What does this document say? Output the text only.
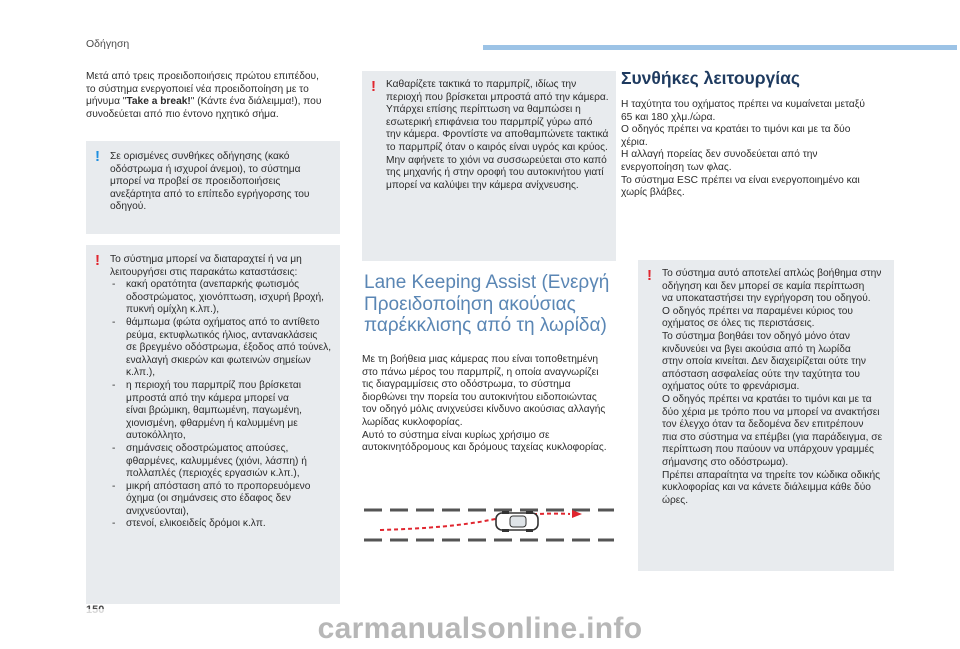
Οδήγηση

Μετά από τρεις προειδοποιήσεις πρώτου επιπέδου,
το σύστημα ενεργοποιεί νέα προειδοποίηση με το
μήνυμα "Take a break!" (Κάντε ένα διάλειμμα!), που
συνοδεύεται από πιο έντονο ηχητικό σήμα.

! Σε ορισμένες συνθήκες οδήγησης (κακό
οδόστρωμα ή ισχυροί άνεμοι), το σύστημα
μπορεί να προβεί σε προειδοποιήσεις
ανεξάρτητα από το επίπεδο εγρήγορσης του
οδηγού.

! Το σύστημα μπορεί να διαταραχτεί ή να μη
λειτουργήσει στις παρακάτω καταστάσεις:

- κακή ορατότητα (ανεπαρκής φωτισμός
οδοστρώματος, χιονόπτωση, ισχυρή βροχή,
πυκνή ομίχλη κ.λπ.),
- θάμπωμα (φώτα οχήματος από το αντίθετο
ρεύμα, εκτυφλωτικός ήλιος, αντανακλάσεις
σε βρεγμένο οδόστρωμα, έξοδος από τούνελ,
εναλλαγή σκιερών και φωτεινών σημείων
κ.λπ.),
- η περιοχή του παρμπρίζ που βρίσκεται
μπροστά από την κάμερα μπορεί να
είναι βρώμικη, θαμπωμένη, παγωμένη,
χιονισμένη, φθαρμένη ή καλυμμένη με
αυτοκόλλητο,
- σημάνσεις οδοστρώματος απούσες,
φθαρμένες, καλυμμένες (χιόνι, λάσπη) ή
πολλαπλές (περιοχές εργασιών κ.λπ.),
- μικρή απόσταση από το προπορευόμενο
όχημα (οι σημάνσεις στο έδαφος δεν
ανιχνεύονται),
- στενοί, ελικοειδείς δρόμοι κ.λπ.
! Καθαρίζετε τακτικά το παρμπρίζ, ιδίως την
περιοχή που βρίσκεται μπροστά από την κάμερα.
Υπάρχει επίσης περίπτωση να θαμπώσει η
εσωτερική επιφάνεια του παρμπρίζ γύρω από
την κάμερα. Φροντίστε να αποθαμπώνετε τακτικά
το παρμπρίζ όταν ο καιρός είναι υγρός και κρύος.
Μην αφήνετε το χιόνι να συσσωρεύεται στο καπό
της μηχανής ή στην οροφή του αυτοκινήτου γιατί
μπορεί να καλύψει την κάμερα ανίχνευσης.

Lane Keeping Assist (Ενεργή Προειδοποίηση ακούσιας παρέκκλισης από τη λωρίδα)

Με τη βοήθεια μιας κάμερας που είναι τοποθετημένη
στο πάνω μέρος του παρμπρίζ, η οποία αναγνωρίζει
τις διαγραμμίσεις στο οδόστρωμα, το σύστημα
διορθώνει την πορεία του αυτοκινήτου ειδοποιώντας
τον οδηγό μόλις ανιχνεύσει κίνδυνο ακούσιας αλλαγής
λωρίδας κυκλοφορίας.
Αυτό το σύστημα είναι κυρίως χρήσιμο σε
αυτοκινητόδρομους και δρόμους ταχείας κυκλοφορίας.

Συνθήκες λειτουργίας

Η ταχύτητα του οχήματος πρέπει να κυμαίνεται μεταξύ
65 και 180 χλμ./ώρα.
Ο οδηγός πρέπει να κρατάει το τιμόνι και με τα δύο
χέρια.
Η αλλαγή πορείας δεν συνοδεύεται από την
ενεργοποίηση των φλας.
Το σύστημα ESC πρέπει να είναι ενεργοποιημένο και
χωρίς βλάβες.

! Το σύστημα αυτό αποτελεί απλώς βοήθημα στην
οδήγηση και δεν μπορεί σε καμία περίπτωση
να υποκαταστήσει την εγρήγορση του οδηγού.
Ο οδηγός πρέπει να παραμένει κύριος του
οχήματος σε όλες τις περιστάσεις.
Το σύστημα βοηθάει τον οδηγό μόνο όταν
κινδυνεύει να βγει ακούσια από τη λωρίδα
στην οποία κινείται. Δεν διαχειρίζεται ούτε την
απόσταση ασφαλείας ούτε την ταχύτητα του
οχήματος ούτε το φρενάρισμα.
Ο οδηγός πρέπει να κρατάει το τιμόνι και με τα
δύο χέρια με τρόπο που να μπορεί να ανακτήσει
τον έλεγχο όταν τα δεδομένα δεν επιτρέπουν
πια στο σύστημα να επέμβει (για παράδειγμα, σε
περίπτωση που παύουν να υπάρχουν γραμμές
σήμανσης στο οδόστρωμα).
Πρέπει απαραίτητα να τηρείτε τον κώδικα οδικής
κυκλοφορίας και να κάνετε διάλειμμα κάθε δύο
ώρες.

carmanualsonline.info
